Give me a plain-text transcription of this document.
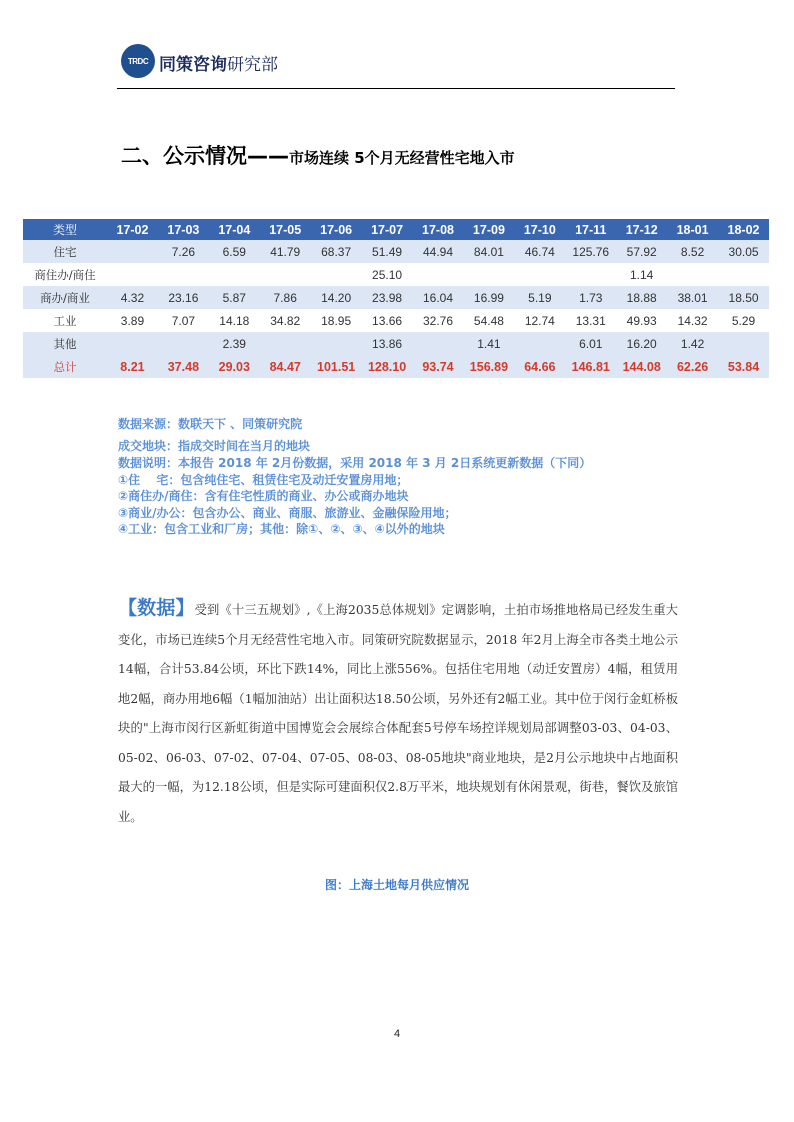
TRDC 同策咨询研究部
二、公示情况——市场连续 5个月无经营性宅地入市
类型	17-02	17-03	17-04	17-05	17-06	17-07	17-08	17-09	17-10	17-11	17-12	18-01	18-02
住宅		7.26	6.59	41.79	68.37	51.49	44.94	84.01	46.74	125.76	57.92	8.52	30.05
商住办/商住						25.10					1.14		
商办/商业	4.32	23.16	5.87	7.86	14.20	23.98	16.04	16.99	5.19	1.73	18.88	38.01	18.50
工业	3.89	7.07	14.18	34.82	18.95	13.66	32.76	54.48	12.74	13.31	49.93	14.32	5.29
其他			2.39			13.86		1.41		6.01	16.20	1.42	
总计	8.21	37.48	29.03	84.47	101.51	128.10	93.74	156.89	64.66	146.81	144.08	62.26	53.84
数据来源：数联天下 、同策研究院
成交地块：指成交时间在当月的地块
数据说明：本报告 2018 年 2月份数据，采用 2018 年 3 月 2日系统更新数据（下同）
①住　 宅：包含纯住宅、租赁住宅及动迁安置房用地；
②商住办/商住：含有住宅性质的商业、办公或商办地块
③商业/办公：包含办公、商业、商服、旅游业、金融保险用地；
④工业：包含工业和厂房；其他：除①、②、③、④以外的地块
【数据】受到《十三五规划》,《上海2035总体规划》定调影响，土拍市场推地格局已经发生重大变化，市场已连续5个月无经营性宅地入市。同策研究院数据显示，2018 年2月上海全市各类土地公示14幅，合计53.84公顷，环比下跌14%，同比上涨556%。包括住宅用地（动迁安置房）4幅，租赁用地2幅，商办用地6幅（1幅加油站）出让面积达18.50公顷，另外还有2幅工业。其中位于闵行金虹桥板块的"上海市闵行区新虹街道中国博览会会展综合体配套5号停车场控详规划局部调整03-03、04-03、05-02、06-03、07-02、07-04、07-05、08-03、08-05地块"商业地块，是2月公示地块中占地面积最大的一幅，为12.18公顷，但是实际可建面积仅2.8万平米，地块规划有休闲景观，街巷，餐饮及旅馆业。
图：上海土地每月供应情况
4
